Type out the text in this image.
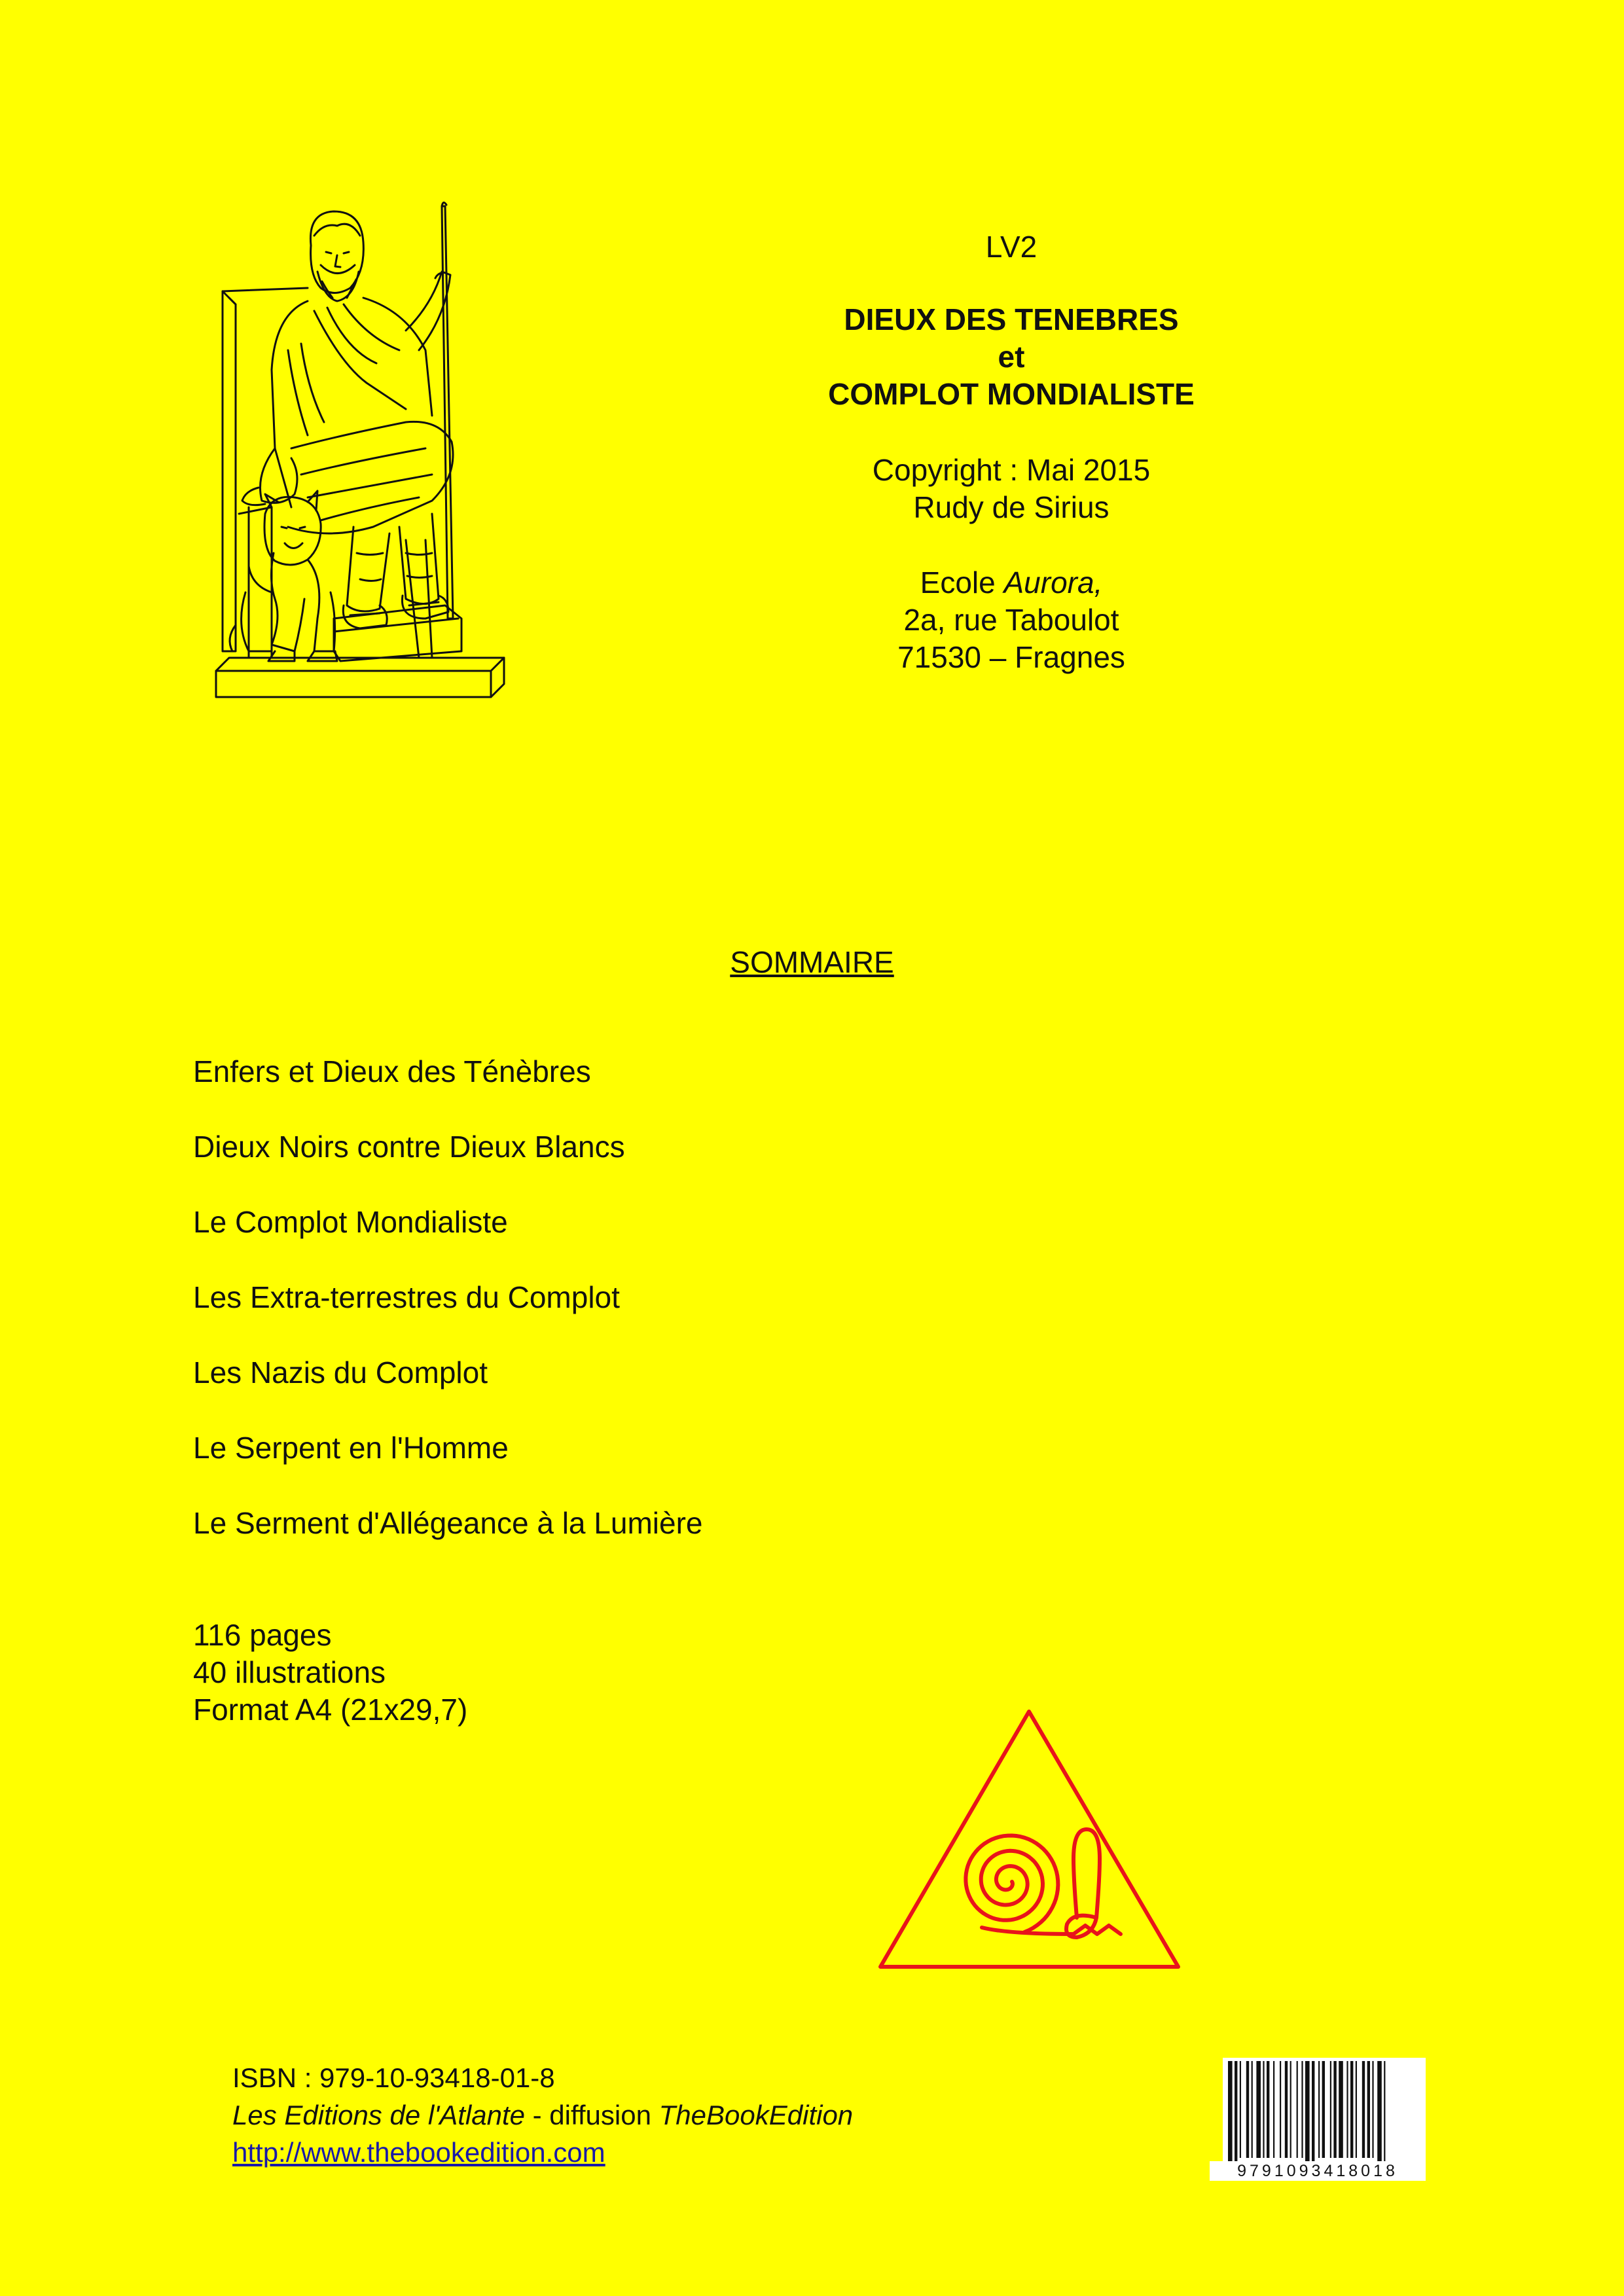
LV2
DIEUX DES TENEBRES
et
COMPLOT MONDIALISTE
Copyright : Mai 2015
Rudy de Sirius
Ecole Aurora,
2a, rue Taboulot
71530 – Fragnes
SOMMAIRE
Enfers et Dieux des Ténèbres
Dieux Noirs contre Dieux Blancs
Le Complot Mondialiste
Les Extra-terrestres du Complot
Les Nazis du Complot
Le Serpent en l'Homme
Le Serment d'Allégeance à la Lumière
116 pages
40 illustrations
Format A4 (21x29,7)
ISBN : 979-10-93418-01-8
Les Editions de l'Atlante - diffusion TheBookEdition
http://www.thebookedition.com
9791093418018
